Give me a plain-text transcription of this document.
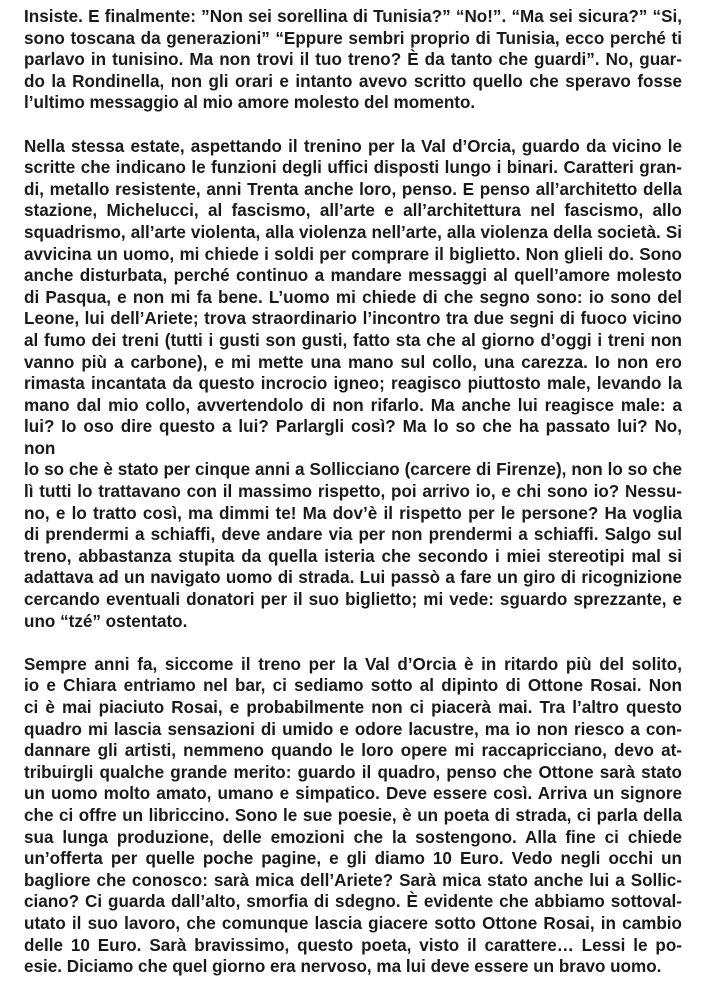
Insiste. E finalmente: ”Non sei sorellina di Tunisia?” “No!”. “Ma sei sicura?” “Si,
sono toscana da generazioni” “Eppure sembri proprio di Tunisia, ecco perché ti
parlavo in tunisino. Ma non trovi il tuo treno? È da tanto che guardi”. No, guar-
do la Rondinella, non gli orari e intanto avevo scritto quello che speravo fosse
l’ultimo messaggio al mio amore molesto del momento.
Nella stessa estate, aspettando il trenino per la Val d’Orcia, guardo da vicino le
scritte che indicano le funzioni degli uffici disposti lungo i binari. Caratteri gran-
di, metallo resistente, anni Trenta anche loro, penso. E penso all’architetto della
stazione, Michelucci, al fascismo, all’arte e all’architettura nel fascismo, allo
squadrismo, all’arte violenta, alla violenza nell’arte, alla violenza della società. Si
avvicina un uomo, mi chiede i soldi per comprare il biglietto. Non glieli do. Sono
anche disturbata, perché continuo a mandare messaggi al quell’amore molesto
di Pasqua, e non mi fa bene. L’uomo mi chiede di che segno sono: io sono del
Leone, lui dell’Ariete; trova straordinario l’incontro tra due segni di fuoco vicino
al fumo dei treni (tutti i gusti son gusti, fatto sta che al giorno d’oggi i treni non
vanno più a carbone), e mi mette una mano sul collo, una carezza. Io non ero
rimasta incantata da questo incrocio igneo; reagisco piuttosto male, levando la
mano dal mio collo, avvertendolo di non rifarlo. Ma anche lui reagisce male: a
lui? Io oso dire questo a lui? Parlargli così? Ma lo so che ha passato lui? No, non
lo so che è stato per cinque anni a Sollicciano (carcere di Firenze), non lo so che
lì tutti lo trattavano con il massimo rispetto, poi arrivo io, e chi sono io? Nessu-
no, e lo tratto così, ma dimmi te! Ma dov’è il rispetto per le persone? Ha voglia
di prendermi a schiaffi, deve andare via per non prendermi a schiaffi. Salgo sul
treno, abbastanza stupita da quella isteria che secondo i miei stereotipi mal si
adattava ad un navigato uomo di strada. Lui passò a fare un giro di ricognizione
cercando eventuali donatori per il suo biglietto; mi vede: sguardo sprezzante, e
uno “tzé” ostentato.
Sempre anni fa, siccome il treno per la Val d’Orcia è in ritardo più del solito,
io e Chiara entriamo nel bar, ci sediamo sotto al dipinto di Ottone Rosai. Non
ci è mai piaciuto Rosai, e probabilmente non ci piacerà mai. Tra l’altro questo
quadro mi lascia sensazioni di umido e odore lacustre, ma io non riesco a con-
dannare gli artisti, nemmeno quando le loro opere mi raccapricciano, devo at-
tribuirgli qualche grande merito: guardo il quadro, penso che Ottone sarà stato
un uomo molto amato, umano e simpatico. Deve essere così. Arriva un signore
che ci offre un libriccino. Sono le sue poesie, è un poeta di strada, ci parla della
sua lunga produzione, delle emozioni che la sostengono. Alla fine ci chiede
un’offerta per quelle poche pagine, e gli diamo 10 Euro. Vedo negli occhi un
bagliore che conosco: sarà mica dell’Ariete? Sarà mica stato anche lui a Sollic-
ciano? Ci guarda dall’alto, smorfia di sdegno. È evidente che abbiamo sottoval-
utato il suo lavoro, che comunque lascia giacere sotto Ottone Rosai, in cambio
delle 10 Euro. Sarà bravissimo, questo poeta, visto il carattere… Lessi le po-
esie. Diciamo che quel giorno era nervoso, ma lui deve essere un bravo uomo.
